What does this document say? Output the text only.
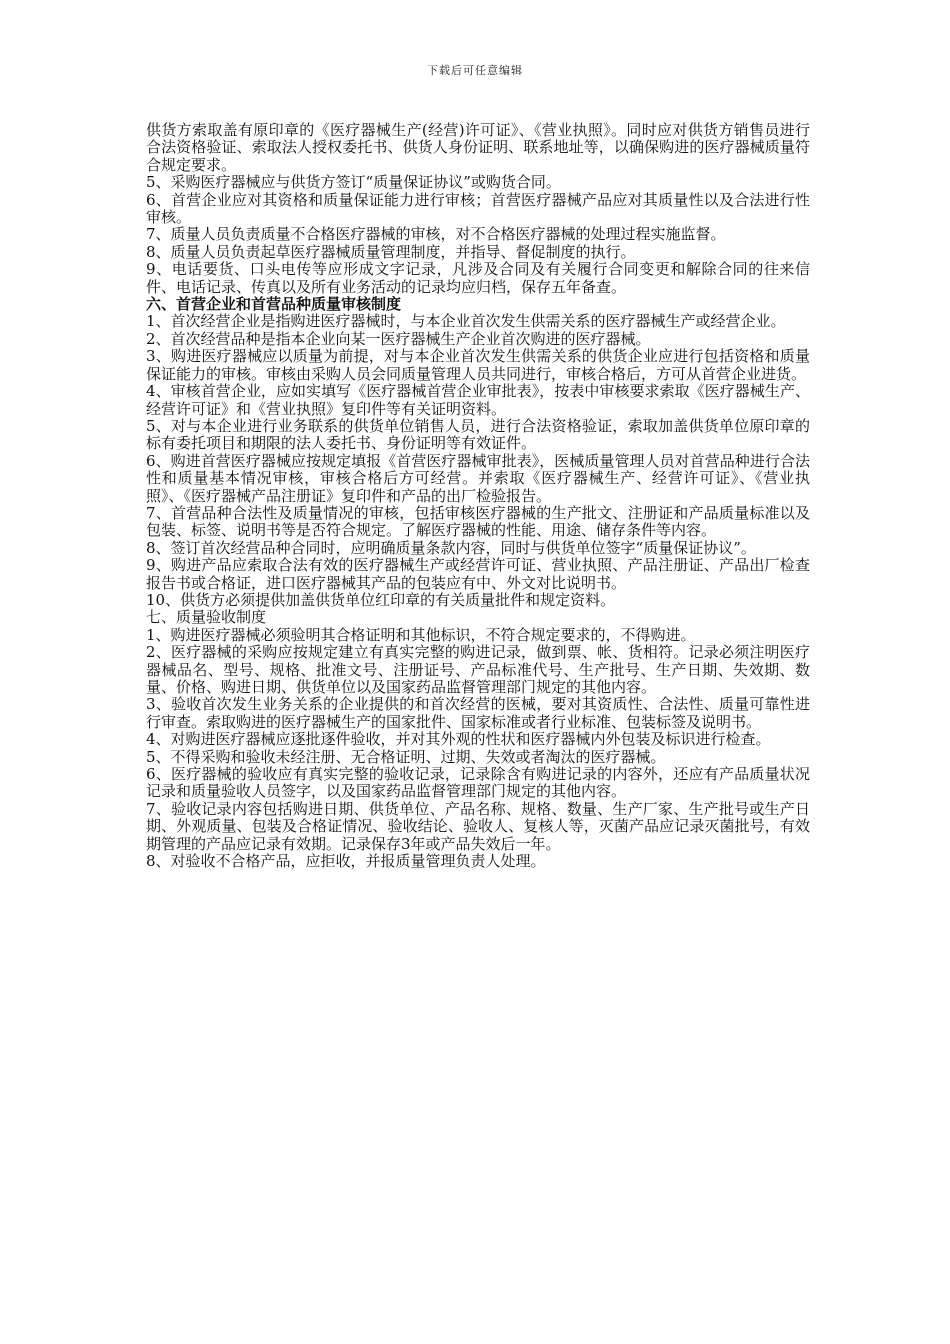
下载后可任意编辑

供货方索取盖有原印章的《医疗器械生产(经营)许可证》、《营业执照》。同时应对供货方销售员进行合法资格验证、索取法人授权委托书、供货人身份证明、联系地址等，以确保购进的医疗器械质量符合规定要求。

5、采购医疗器械应与供货方签订“质量保证协议”或购货合同。

6、首营企业应对其资格和质量保证能力进行审核；首营医疗器械产品应对其质量性以及合法进行性审核。

7、质量人员负责质量不合格医疗器械的审核，对不合格医疗器械的处理过程实施监督。

8、质量人员负责起草医疗器械质量管理制度，并指导、督促制度的执行。

9、电话要货、口头电传等应形成文字记录，凡涉及合同及有关履行合同变更和解除合同的往来信件、电话记录、传真以及所有业务活动的记录均应归档，保存五年备查。

六、首营企业和首营品种质量审核制度

1、首次经营企业是指购进医疗器械时，与本企业首次发生供需关系的医疗器械生产或经营企业。

2、首次经营品种是指本企业向某一医疗器械生产企业首次购进的医疗器械。

3、购进医疗器械应以质量为前提，对与本企业首次发生供需关系的供货企业应进行包括资格和质量保证能力的审核。审核由采购人员会同质量管理人员共同进行，审核合格后，方可从首营企业进货。

4、审核首营企业，应如实填写《医疗器械首营企业审批表》，按表中审核要求索取《医疗器械生产、经营许可证》和《营业执照》复印件等有关证明资料。

5、对与本企业进行业务联系的供货单位销售人员，进行合法资格验证，索取加盖供货单位原印章的标有委托项目和期限的法人委托书、身份证明等有效证件。

6、购进首营医疗器械应按规定填报《首营医疗器械审批表》，医械质量管理人员对首营品种进行合法性和质量基本情况审核，审核合格后方可经营。并索取《医疗器械生产、经营许可证》、《营业执照》、《医疗器械产品注册证》复印件和产品的出厂检验报告。

7、首营品种合法性及质量情况的审核，包括审核医疗器械的生产批文、注册证和产品质量标准以及包装、标签、说明书等是否符合规定。了解医疗器械的性能、用途、储存条件等内容。

8、签订首次经营品种合同时，应明确质量条款内容，同时与供货单位签字“质量保证协议”。

9、购进产品应索取合法有效的医疗器械生产或经营许可证、营业执照、产品注册证、产品出厂检查报告书或合格证，进口医疗器械其产品的包装应有中、外文对比说明书。

10、供货方必须提供加盖供货单位红印章的有关质量批件和规定资料。

七、质量验收制度

1、购进医疗器械必须验明其合格证明和其他标识，不符合规定要求的，不得购进。

2、医疗器械的采购应按规定建立有真实完整的购进记录，做到票、帐、货相符。记录必须注明医疗器械品名、型号、规格、批准文号、注册证号、产品标准代号、生产批号、生产日期、失效期、数量、价格、购进日期、供货单位以及国家药品监督管理部门规定的其他内容。

3、验收首次发生业务关系的企业提供的和首次经营的医械，要对其资质性、合法性、质量可靠性进行审查。索取购进的医疗器械生产的国家批件、国家标准或者行业标准、包装标签及说明书。

4、对购进医疗器械应逐批逐件验收，并对其外观的性状和医疗器械内外包装及标识进行检查。

5、不得采购和验收未经注册、无合格证明、过期、失效或者淘汰的医疗器械。

6、医疗器械的验收应有真实完整的验收记录，记录除含有购进记录的内容外，还应有产品质量状况记录和质量验收人员签字，以及国家药品监督管理部门规定的其他内容。

7、验收记录内容包括购进日期、供货单位、产品名称、规格、数量、生产厂家、生产批号或生产日期、外观质量、包装及合格证情况、验收结论、验收人、复核人等，灭菌产品应记录灭菌批号，有效期管理的产品应记录有效期。记录保存3年或产品失效后一年。

8、对验收不合格产品，应拒收，并报质量管理负责人处理。
